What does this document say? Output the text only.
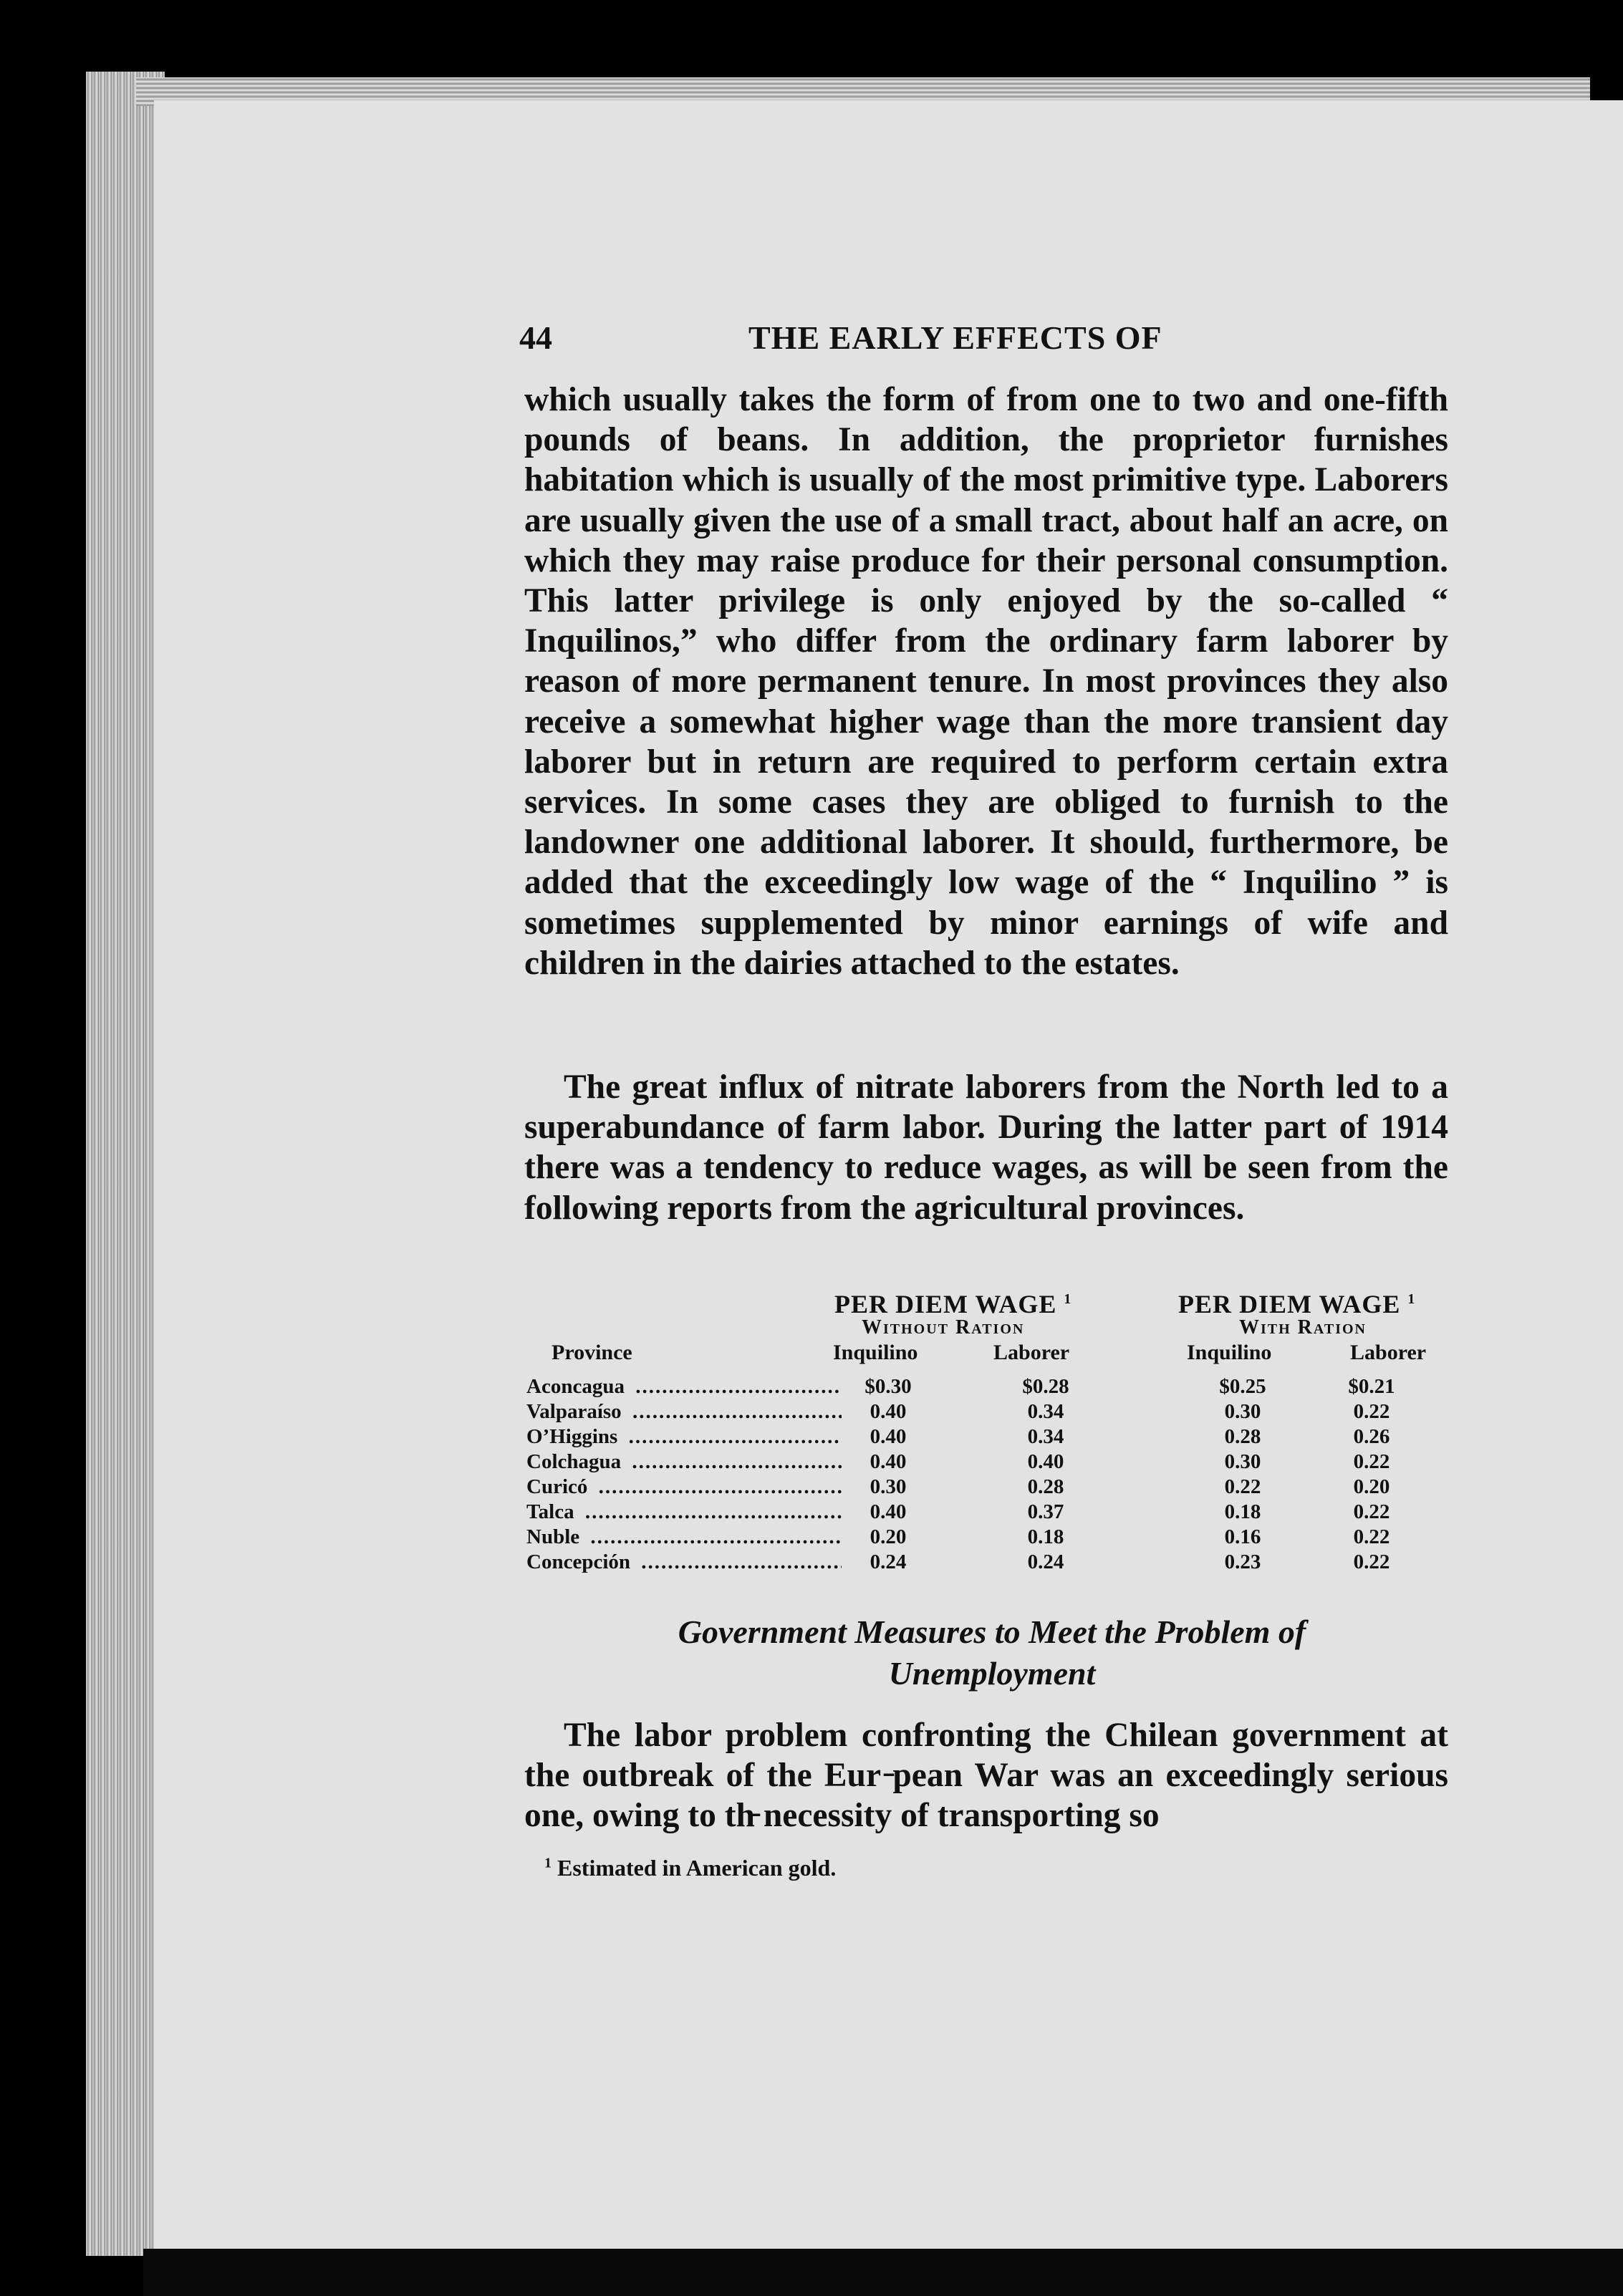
44	THE EARLY EFFECTS OF

which usually takes the form of from one to two and one-fifth pounds of beans. In addition, the proprietor furnishes habitation which is usually of the most primitive type. Laborers are usually given the use of a small tract, about half an acre, on which they may raise produce for their personal consumption. This latter privilege is only enjoyed by the so-called “ Inquilinos,” who differ from the ordinary farm laborer by reason of more permanent tenure. In most provinces they also receive a somewhat higher wage than the more transient day laborer but in return are required to perform certain extra services. In some cases they are obliged to furnish to the landowner one additional laborer. It should, furthermore, be added that the exceedingly low wage of the “ Inquilino ” is sometimes supplemented by minor earnings of wife and children in the dairies attached to the estates.

The great influx of nitrate laborers from the North led to a superabundance of farm labor. During the latter part of 1914 there was a tendency to reduce wages, as will be seen from the following reports from the agricultural provinces.

PER DIEM WAGE $^1$	PER DIEM WAGE $^1$
Without Ration	With Ration
Province	Inquilino	Laborer	Inquilino	Laborer
Aconcagua .....	$0.30	$0.28	$0.25	$0.21
Valparaíso .....	0.40	0.34	0.30	0.22
O’Higgins .....	0.40	0.34	0.28	0.26
Colchagua .....	0.40	0.40	0.30	0.22
Curicó .....	0.30	0.28	0.22	0.20
Talca .....	0.40	0.37	0.18	0.22
Nuble .....	0.20	0.18	0.16	0.22
Concepción .....	0.24	0.24	0.23	0.22
Government Measures to Meet the Problem of
Unemployment

The labor problem confronting the Chilean government at the outbreak of the Eur ̵pean War was an exceedingly serious one, owing to th̵ necessity of transporting so

$^1$ Estimated in American gold.
